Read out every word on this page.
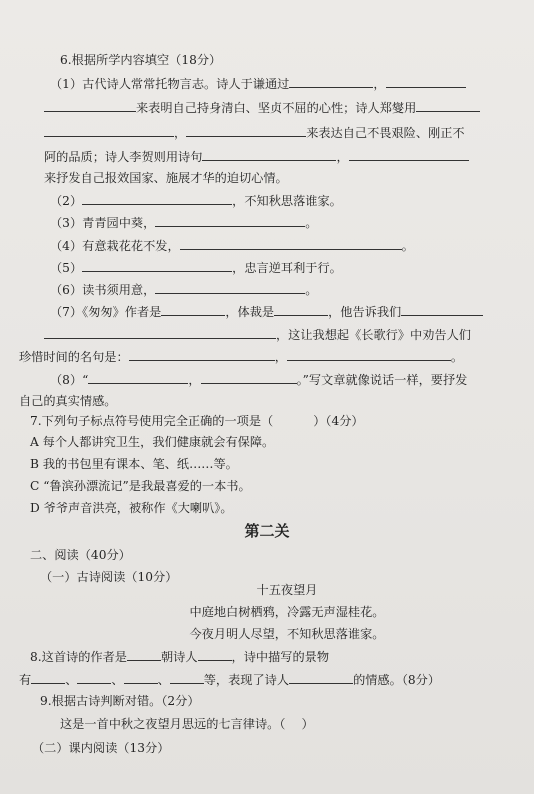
6.根据所学内容填空（18分）
（1）古代诗人常常托物言志。诗人于谦通过	，
来表明自己持身清白、坚贞不屈的心性；诗人郑燮用
，	来表达自己不畏艰险、刚正不
阿的品质；诗人李贺则用诗句	，
来抒发自己报效国家、施展才华的迫切心情。
（2）	，不知秋思落谁家。
（3）青青园中葵，	。
（4）有意栽花花不发，	。
（5）	，忠言逆耳利于行。
（6）读书须用意，	。
（7）《匆匆》作者是	，体裁是	，他告诉我们
，这让我想起《长歌行》中劝告人们
珍惜时间的名句是：	，	。
（8）“	，	。”写文章就像说话一样，要抒发
自己的真实情感。
7.下列句子标点符号使用完全正确的一项是（	）（4分）
A 每个人都讲究卫生，我们健康就会有保障。
B 我的书包里有课本、笔、纸……等。
C “鲁滨孙漂流记”是我最喜爱的一本书。
D 爷爷声音洪亮，被称作《大喇叭》。
第二关
二、阅读（40分）
（一）古诗阅读（10分）
十五夜望月
中庭地白树栖鸦，冷露无声湿桂花。
今夜月明人尽望，不知秋思落谁家。
8.这首诗的作者是	朝诗人	，诗中描写的景物
有	、	、	、	等，表现了诗人	的情感。（8分）
9.根据古诗判断对错。（2分）
这是一首中秋之夜望月思远的七言律诗。（ ）
（二）课内阅读（13分）
